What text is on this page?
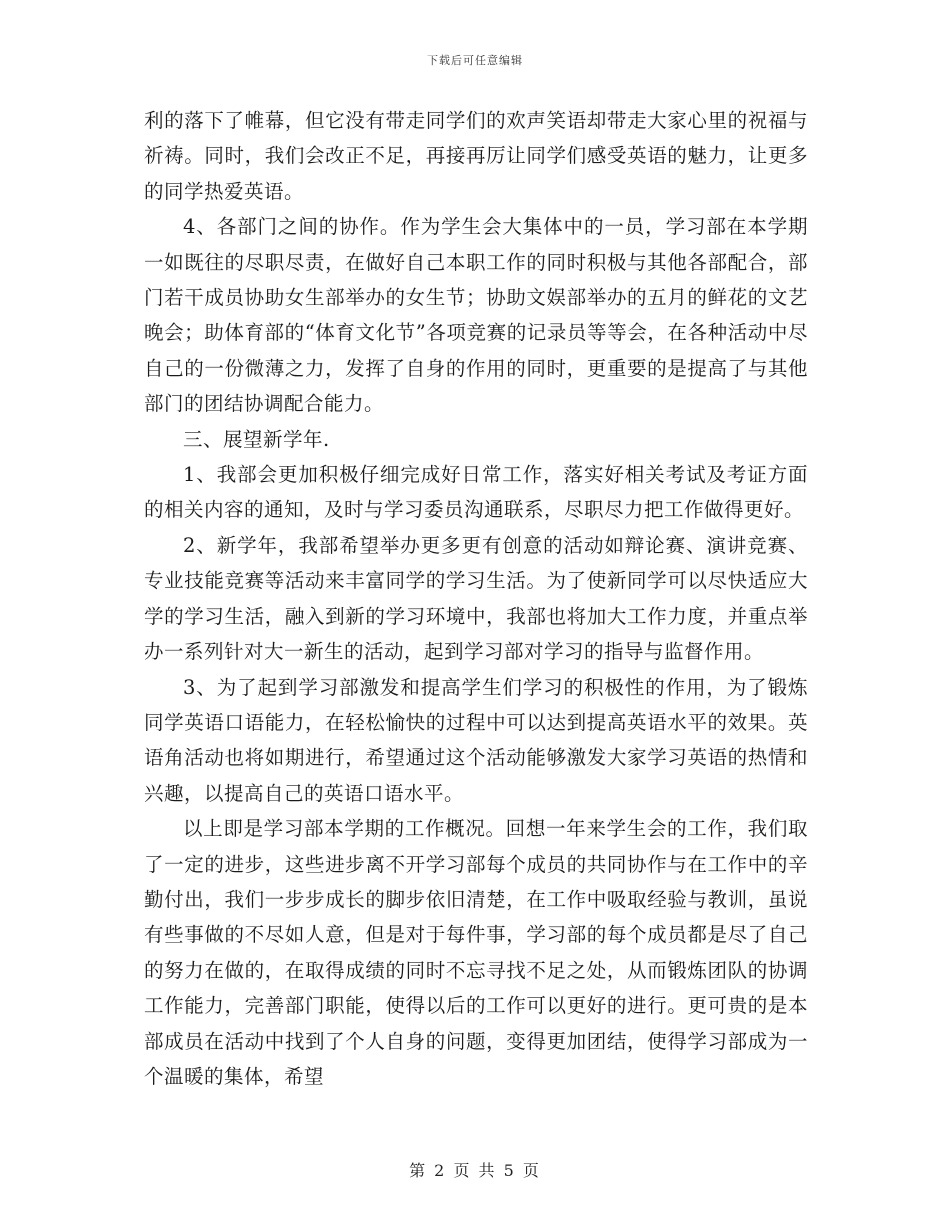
下载后可任意编辑

利的落下了帷幕，但它没有带走同学们的欢声笑语却带走大家心里的祝福与祈祷。同时，我们会改正不足，再接再厉让同学们感受英语的魅力，让更多的同学热爱英语。

4、各部门之间的协作。作为学生会大集体中的一员，学习部在本学期一如既往的尽职尽责，在做好自己本职工作的同时积极与其他各部配合，部门若干成员协助女生部举办的女生节；协助文娱部举办的五月的鲜花的文艺晚会；助体育部的“体育文化节”各项竞赛的记录员等等会，在各种活动中尽自己的一份微薄之力，发挥了自身的作用的同时，更重要的是提高了与其他部门的团结协调配合能力。

三、展望新学年.

1、我部会更加积极仔细完成好日常工作，落实好相关考试及考证方面的相关内容的通知，及时与学习委员沟通联系，尽职尽力把工作做得更好。

2、新学年，我部希望举办更多更有创意的活动如辩论赛、演讲竞赛、专业技能竞赛等活动来丰富同学的学习生活。为了使新同学可以尽快适应大学的学习生活，融入到新的学习环境中，我部也将加大工作力度，并重点举办一系列针对大一新生的活动，起到学习部对学习的指导与监督作用。

3、为了起到学习部激发和提高学生们学习的积极性的作用，为了锻炼同学英语口语能力，在轻松愉快的过程中可以达到提高英语水平的效果。英语角活动也将如期进行，希望通过这个活动能够激发大家学习英语的热情和兴趣，以提高自己的英语口语水平。

以上即是学习部本学期的工作概况。回想一年来学生会的工作，我们取了一定的进步，这些进步离不开学习部每个成员的共同协作与在工作中的辛勤付出，我们一步步成长的脚步依旧清楚，在工作中吸取经验与教训，虽说有些事做的不尽如人意，但是对于每件事，学习部的每个成员都是尽了自己的努力在做的，在取得成绩的同时不忘寻找不足之处，从而锻炼团队的协调工作能力，完善部门职能，使得以后的工作可以更好的进行。更可贵的是本部成员在活动中找到了个人自身的问题，变得更加团结，使得学习部成为一个温暖的集体，希望

第 2 页 共 5 页
